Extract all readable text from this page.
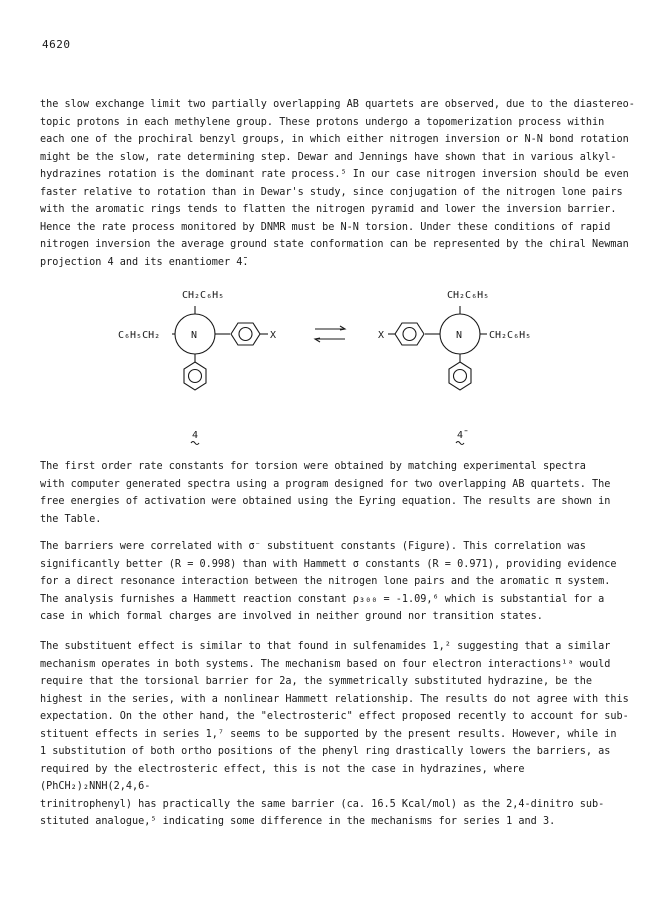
4620

the slow exchange limit two partially overlapping AB quartets are observed, due to the diastereo-
topic protons in each methylene group. These protons undergo a topomerization process within
each one of the prochiral benzyl groups, in which either nitrogen inversion or N-N bond rotation
might be the slow, rate determining step. Dewar and Jennings have shown that in various alkyl-
hydrazines rotation is the dominant rate process.⁵ In our case nitrogen inversion should be even
faster relative to rotation than in Dewar's study, since conjugation of the nitrogen lone pairs
with the aromatic rings tends to flatten the nitrogen pyramid and lower the inversion barrier.
Hence the rate process monitored by DNMR must be N-N torsion. Under these conditions of rapid
nitrogen inversion the average ground state conformation can be represented by the chiral Newman
projection 4 and its enantiomer 4̄.

CH₂C₆H₅
C₆H₅CH₂	N	X
4
CH₂C₆H₅
CH₂C₆H₅
N
X
4̄

The first order rate constants for torsion were obtained by matching experimental spectra
with computer generated spectra using a program designed for two overlapping AB quartets. The
free energies of activation were obtained using the Eyring equation. The results are shown in
the Table.

The barriers were correlated with σ⁻ substituent constants (Figure). This correlation was
significantly better (R = 0.998) than with Hammett σ constants (R = 0.971), providing evidence
for a direct resonance interaction between the nitrogen lone pairs and the aromatic π system.
The analysis furnishes a Hammett reaction constant ρ₃₀₀ = -1.09,⁶ which is substantial for a
case in which formal charges are involved in neither ground nor transition states.

The substituent effect is similar to that found in sulfenamides 1,² suggesting that a similar
mechanism operates in both systems. The mechanism based on four electron interactions¹ᵃ would
require that the torsional barrier for 2a, the symmetrically substituted hydrazine, be the
highest in the series, with a nonlinear Hammett relationship. The results do not agree with this
expectation. On the other hand, the "electrosteric" effect proposed recently to account for sub-
stituent effects in series 1,⁷ seems to be supported by the present results. However, while in
1 substitution of both ortho positions of the phenyl ring drastically lowers the barriers, as
required by the electrosteric effect, this is not the case in hydrazines, where (PhCH₂)₂NNH(2,4,6-
trinitrophenyl) has practically the same barrier (ca. 16.5 Kcal/mol) as the 2,4-dinitro sub-
stituted analogue,⁵ indicating some difference in the mechanisms for series 1 and 3.
